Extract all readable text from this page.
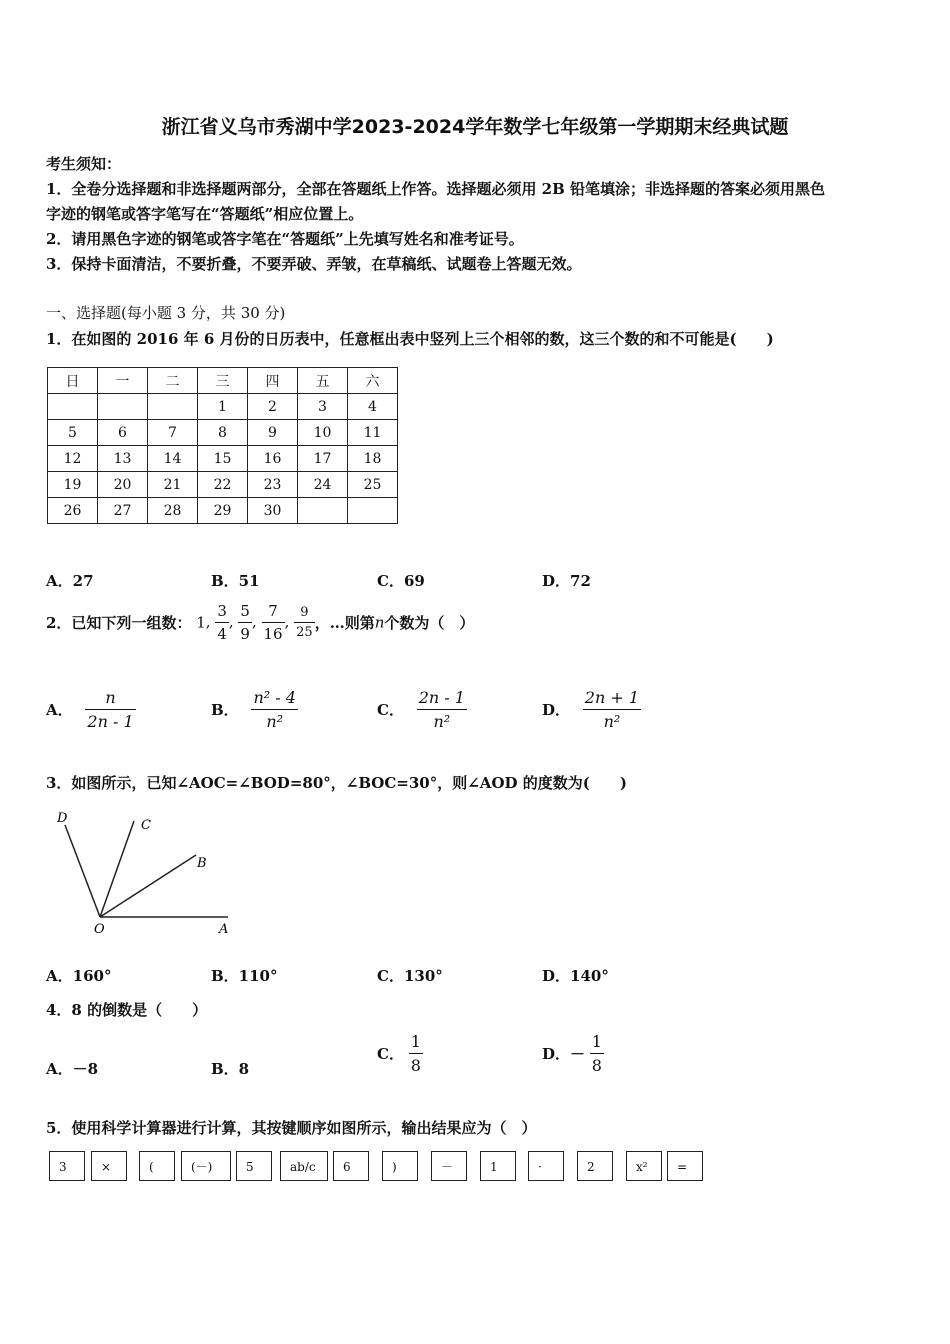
浙江省义乌市秀湖中学2023-2024学年数学七年级第一学期期末经典试题
考生须知：
1．全卷分选择题和非选择题两部分，全部在答题纸上作答。选择题必须用 2B 铅笔填涂；非选择题的答案必须用黑色
字迹的钢笔或答字笔写在“答题纸”相应位置上。
2．请用黑色字迹的钢笔或答字笔在“答题纸”上先填写姓名和准考证号。
3．保持卡面清洁，不要折叠，不要弄破、弄皱，在草稿纸、试题卷上答题无效。
一、选择题(每小题 3 分，共 30 分)
1．在如图的 2016 年 6 月份的日历表中，任意框出表中竖列上三个相邻的数，这三个数的和不可能是(　　)
日	一	二	三	四	五	六
			1	2	3	4
5	6	7	8	9	10	11
12	13	14	15	16	17	18
19	20	21	22	23	24	25
26	27	28	29	30		
A．27	B．51	C．69	D．72
2．已知下列一组数： 1, $\frac{3}{4}$ , $\frac{5}{9}$ , $\frac{7}{16}$ , $\frac{9}{25}$ ，…则第n个数为（　）
A． $\frac{n}{2n - 1}$	B． $\frac{\text{n² - 4}}{\text{n²}}$	C． $\frac{2n - 1}{\text{n²}}$	D． $\frac{2n + 1}{\text{n²}}$
3．如图所示，已知∠AOC=∠BOD=80°，∠BOC=30°，则∠AOD 的度数为(　　)
D	C
B
O	A
A．160°	B．110°	C．130°	D．140°
4．8 的倒数是（　　）
A．－8	B．8
C． $\frac{1}{8}$	D．－ $\frac{1}{8}$
5．使用科学计算器进行计算，其按键顺序如图所示，输出结果应为（　）
3	×	(	(－)	5	ab/c	6	)	－	1	·	2	x²	=
